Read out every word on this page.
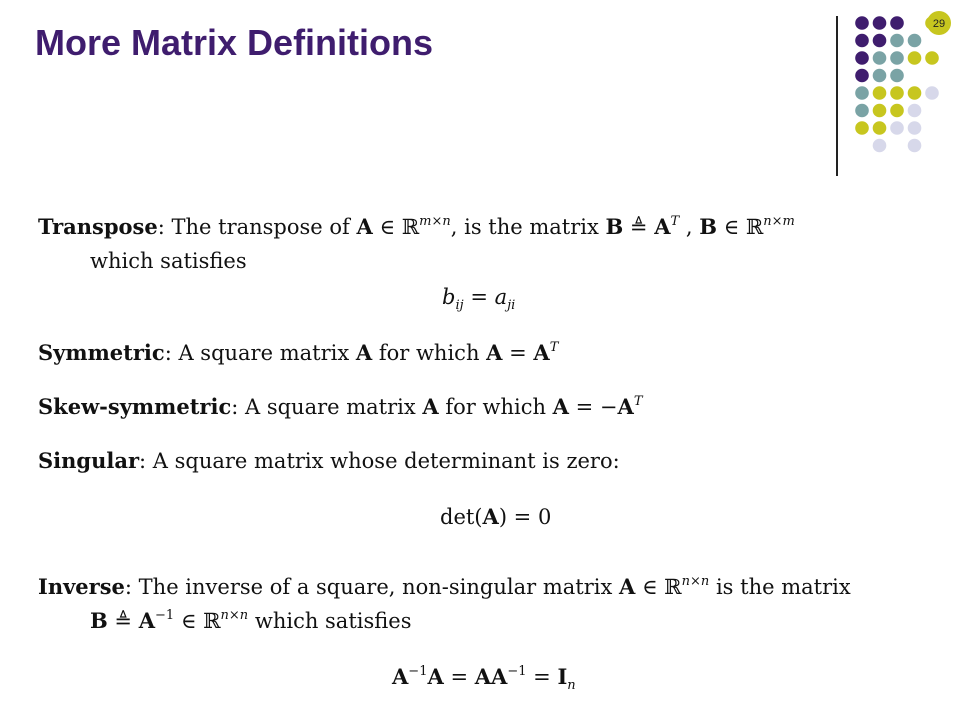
More Matrix Definitions	29
Transpose: The transpose of A ∈ ℝ$^{m\times n}$, is the matrix B ≜ $A^T$ , B ∈ ℝ$^{n\times m}$
which satisfies
$b_{ij} = a_{ji}$
Symmetric: A square matrix A for which $A = A^T$
Skew-symmetric: A square matrix A for which $A = -A^T$
Singular: A square matrix whose determinant is zero:
det(A) = 0
Inverse: The inverse of a square, non-singular matrix A ∈ ℝ$^{n\times n}$ is the matrix
B ≜ $A^{-1}$ ∈ ℝ$^{n\times n}$ which satisfies
$A^{-1}A = AA^{-1} = I_n$
